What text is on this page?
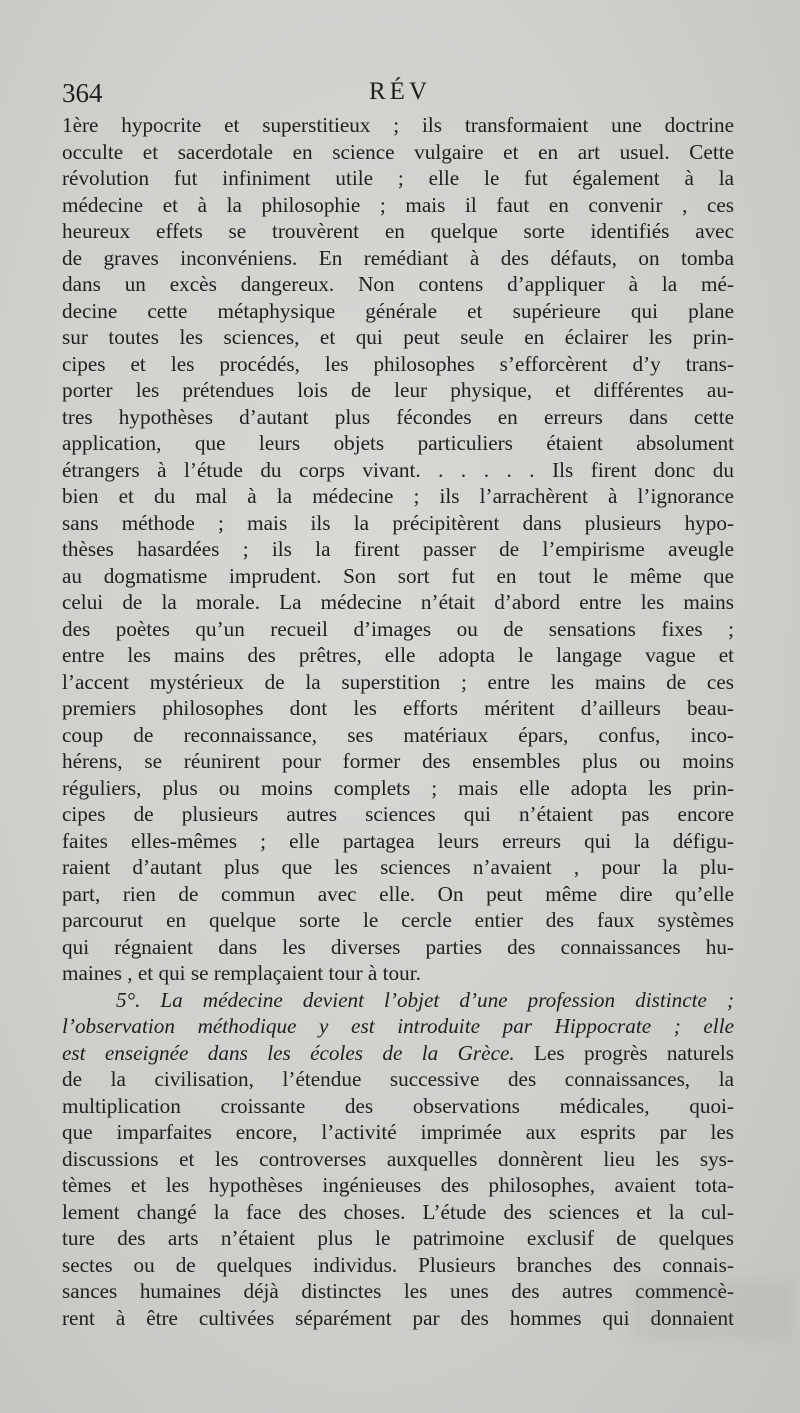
364	RÉV
1ère hypocrite et superstitieux ; ils transformaient une doctrine
occulte et sacerdotale en science vulgaire et en art usuel. Cette
révolution fut infiniment utile ; elle le fut également à la
médecine et à la philosophie ; mais il faut en convenir , ces
heureux effets se trouvèrent en quelque sorte identifiés avec
de graves inconvéniens. En remédiant à des défauts, on tomba
dans un excès dangereux. Non contens d’appliquer à la mé-
decine cette métaphysique générale et supérieure qui plane
sur toutes les sciences, et qui peut seule en éclairer les prin-
cipes et les procédés, les philosophes s’efforcèrent d’y trans-
porter les prétendues lois de leur physique, et différentes au-
tres hypothèses d’autant plus fécondes en erreurs dans cette
application, que leurs objets particuliers étaient absolument
étrangers à l’étude du corps vivant. . . . . . Ils firent donc du
bien et du mal à la médecine ; ils l’arrachèrent à l’ignorance
sans méthode ; mais ils la précipitèrent dans plusieurs hypo-
thèses hasardées ; ils la firent passer de l’empirisme aveugle
au dogmatisme imprudent. Son sort fut en tout le même que
celui de la morale. La médecine n’était d’abord entre les mains
des poètes qu’un recueil d’images ou de sensations fixes ;
entre les mains des prêtres, elle adopta le langage vague et
l’accent mystérieux de la superstition ; entre les mains de ces
premiers philosophes dont les efforts méritent d’ailleurs beau-
coup de reconnaissance, ses matériaux épars, confus, inco-
hérens, se réunirent pour former des ensembles plus ou moins
réguliers, plus ou moins complets ; mais elle adopta les prin-
cipes de plusieurs autres sciences qui n’étaient pas encore
faites elles-mêmes ; elle partagea leurs erreurs qui la défigu-
raient d’autant plus que les sciences n’avaient , pour la plu-
part, rien de commun avec elle. On peut même dire qu’elle
parcourut en quelque sorte le cercle entier des faux systèmes
qui régnaient dans les diverses parties des connaissances hu-
maines , et qui se remplaçaient tour à tour.
5°. La médecine devient l’objet d’une profession distincte ;
l’observation méthodique y est introduite par Hippocrate ; elle
est enseignée dans les écoles de la Grèce. Les progrès naturels
de la civilisation, l’étendue successive des connaissances, la
multiplication croissante des observations médicales, quoi-
que imparfaites encore, l’activité imprimée aux esprits par les
discussions et les controverses auxquelles donnèrent lieu les sys-
tèmes et les hypothèses ingénieuses des philosophes, avaient tota-
lement changé la face des choses. L’étude des sciences et la cul-
ture des arts n’étaient plus le patrimoine exclusif de quelques
sectes ou de quelques individus. Plusieurs branches des connais-
sances humaines déjà distinctes les unes des autres commencè-
rent à être cultivées séparément par des hommes qui donnaient
